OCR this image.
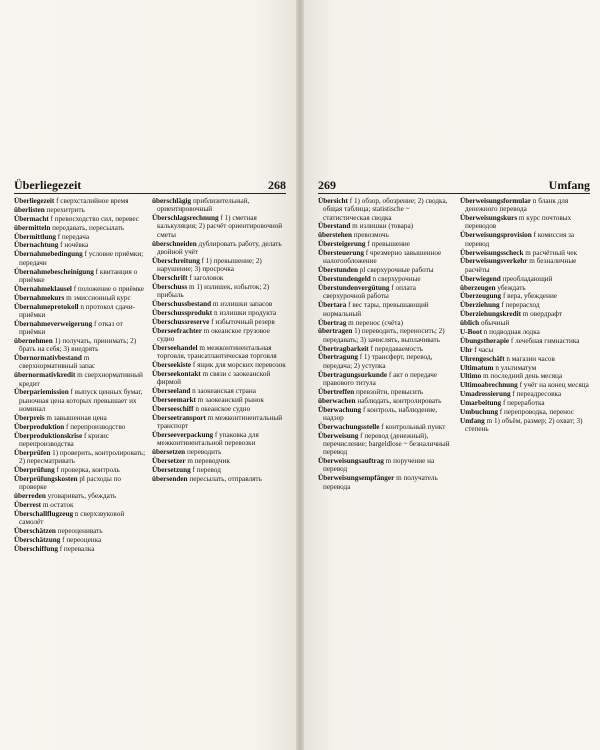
Überliegezeit	268

Überliegezeit f сверхсталийное время

überlisten перехитрить

Übermacht f превосходство сил, перевес

übermitteln передавать, пересылать

Übermittlung f передача

Übernachtung f ночёвка

Übernahmebedingung f условие приёмки; передачи

Übernahmebescheinigung f квитанция о приёмке

Übernahmeklausel f положение о приёмке

Übernahmekurs m эмиссионный курс

Übernahmeprotokoll n протокол сдачи-приёмки

Übernahmeverweigerung f отказ от приёмки

übernehmen 1) получать, принимать; 2) брать на себя; 3) внедрять

Übernormativbestand m сверхнормативный запас

übernormativkredit m сверхнормативный кредит

Überpariemission f выпуск ценных бумаг, рыночная цена которых превышает их номинал

Überpreis m завышенная цена

Überproduktion f перепроизводство

Überproduktionskrise f кризис перепроизводства

Überprüfen 1) проверить, контролировать; 2) пересматривать

Überprüfung f проверка, контроль

Überprüfungskosten pl расходы по проверке

überreden уговаривать, убеждать

Überrest m остаток

Überschallflugzeug n сверхзвуковой самолёт

Überschätzen переоценивать

Überschätzung f переоценка

Überschiffung f перевалка

überschlägig приблизительный, ориентировочный

Überschlagsrechnung f 1) сметная калькуляция; 2) расчёт ориентировочной сметы

überschneiden дублировать работу, делать двойной учёт

Überschreitung f 1) превышение; 2) нарушение; 3) просрочка

Überschrift f заголовок

Überschuss m 1) излишек, избыток; 2) прибыль

Überschussbestand m излишки запасов

Überschussprodukt n излишки продукта

Überschussreserve f избыточный резерв

Überseefrachter m океанское грузовое судно

Überseehandel m межконтинентальная торговля, трансатлантическая торговля

Überseekiste f ящик для морских перевозок

Überseekontakt m связи с заокеанской фирмой

Überseeland n заокеанская страна

Überseemarkt m заокеанский рынок

Überseeschiff n океанское судно

Überseetransport m межконтинентальный транспорт

Überseeverpackung f упаковка для межконтинентальной перевозки

übersetzen переводить

Übersetzer m переводчик

Übersetzung f перевод

übersenden пересылать, отправлять

269	Umfang

Übersicht f 1) обзор, обозрение; 2) сводка, общая таблица; statistische ~ статистическая сводка

Überstand m излишки (товара)

überstehen превозмочь

Übersteigerung f превышение

Übersteuerung f чрезмерно завышенное налогообложение

Überstunden pl сверхурочные работы

Überstundengeld n сверхурочные

Überstundenvergütung f оплата сверхурочной работы

Übertara f вес тары, превышающий нормальный

Übertrag m перенос (счёта)

übertragen 1) переводить, переносить; 2) передавать; 3) зачислять, выплачивать

Übertragbarkeit f передаваемость

Übertragung f 1) трансферт, перевод, передача; 2) уступка

Übertragungsurkunde f акт о передаче правового титула

Übertreffen превзойти, превысить

überwachen наблюдать, контролировать

Überwachung f контроль, наблюдение, надзор

Überwachungsstelle f контрольный пункт

Überweisung f перевод (денежный), перечисление; bargeldlose ~ безналичный перевод

Überweisungsauftrag m поручение на перевод

Überweisungsempfänger m получатель перевода

Überweisungsformular n бланк для денежного перевода

Überweisungskurs m курс почтовых переводов

Überweisungsprovision f комиссия за перевод

Überweisungsscheck m расчётный чек

Überweisungsverkehr m безналичные расчёты

Überwiegend преобладающий

überzeugen убеждать

Überzeugung f вера, убеждение

Überziehung f перерасход

Überziehungskredit m овердрафт

üblich обычный

U-Boot n подводная лодка

Übungstherapie f лечебная гимнастика

Uhr f часы

Uhrengeschäft n магазин часов

Ultimatum n ультиматум

Ultimo m последний день месяца

Ultimoabrechnung f учёт на конец месяца

Umadressierung f переадресовка

Umarbeitung f переработка

Umbuchung f перепроводка, перенос

Umfang m 1) объём, размер; 2) охват; 3) степень
